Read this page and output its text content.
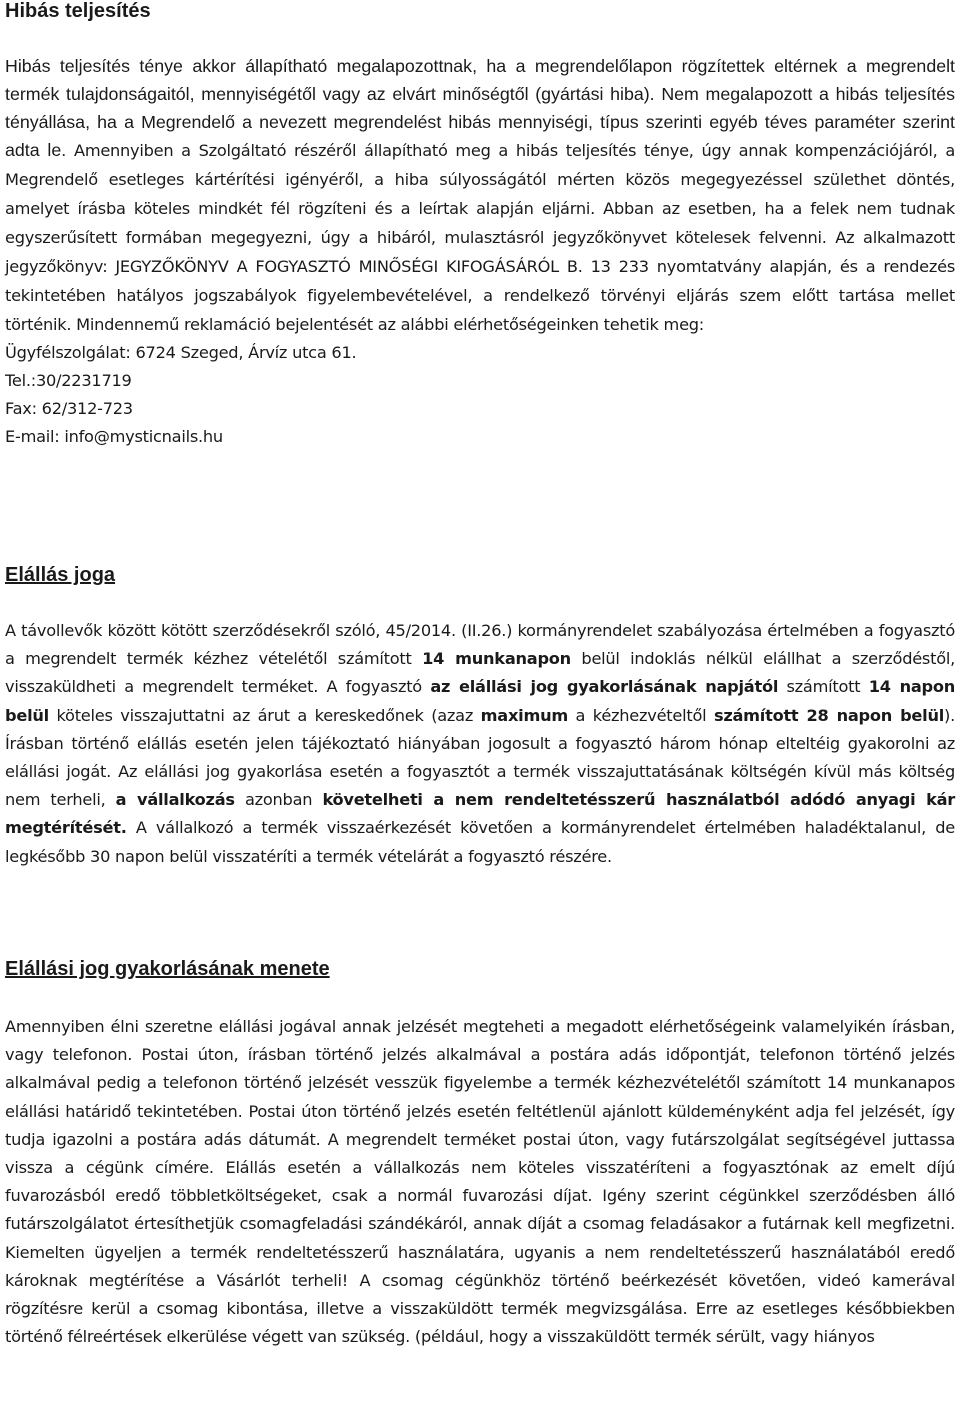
Hibás teljesítés

Hibás teljesítés ténye akkor állapítható megalapozottnak, ha a megrendelőlapon rögzítettek eltérnek a megrendelt termék tulajdonságaitól, mennyiségétől vagy az elvárt minőségtől (gyártási hiba). Nem megalapozott a hibás teljesítés tényállása, ha a Megrendelő a nevezett megrendelést hibás mennyiségi, típus szerinti egyéb téves paraméter szerint adta le. Amennyiben a Szolgáltató részéről állapítható meg a hibás teljesítés ténye, úgy annak kompenzációjáról, a Megrendelő esetleges kártérítési igényéről, a hiba súlyosságától mérten közös megegyezéssel születhet döntés, amelyet írásba köteles mindkét fél rögzíteni és a leírtak alapján eljárni. Abban az esetben, ha a felek nem tudnak egyszerűsített formában megegyezni, úgy a hibáról, mulasztásról jegyzőkönyvet kötelesek felvenni. Az alkalmazott jegyzőkönyv: JEGYZŐKÖNYV A FOGYASZTÓ MINŐSÉGI KIFOGÁSÁRÓL B. 13 233 nyomtatvány alapján, és a rendezés tekintetében hatályos jogszabályok figyelembevételével, a rendelkező törvényi eljárás szem előtt tartása mellet történik. Mindennemű reklamáció bejelentését az alábbi elérhetőségeinken tehetik meg:

Ügyfélszolgálat: 6724 Szeged, Árvíz utca 61.
Tel.:30/2231719
Fax: 62/312-723
E-mail: info@mysticnails.hu
Elállás joga

A távollevők között kötött szerződésekről szóló, 45/2014. (II.26.) kormányrendelet szabályozása értelmében a fogyasztó a megrendelt termék kézhez vételétől számított 14 munkanapon belül indoklás nélkül elállhat a szerződéstől, visszaküldheti a megrendelt terméket. A fogyasztó az elállási jog gyakorlásának napjától számított 14 napon belül köteles visszajuttatni az árut a kereskedőnek (azaz maximum a kézhezvételtől számított 28 napon belül). Írásban történő elállás esetén jelen tájékoztató hiányában jogosult a fogyasztó három hónap elteltéig gyakorolni az elállási jogát. Az elállási jog gyakorlása esetén a fogyasztót a termék visszajuttatásának költségén kívül más költség nem terheli, a vállalkozás azonban követelheti a nem rendeltetésszerű használatból adódó anyagi kár megtérítését. A vállalkozó a termék visszaérkezését követően a kormányrendelet értelmében haladéktalanul, de legkésőbb 30 napon belül visszatéríti a termék vételárát a fogyasztó részére.

Elállási jog gyakorlásának menete

Amennyiben élni szeretne elállási jogával annak jelzését megteheti a megadott elérhetőségeink valamelyikén írásban, vagy telefonon. Postai úton, írásban történő jelzés alkalmával a postára adás időpontját, telefonon történő jelzés alkalmával pedig a telefonon történő jelzését vesszük figyelembe a termék kézhezvételétől számított 14 munkanapos elállási határidő tekintetében. Postai úton történő jelzés esetén feltétlenül ajánlott küldeményként adja fel jelzését, így tudja igazolni a postára adás dátumát. A megrendelt terméket postai úton, vagy futárszolgálat segítségével juttassa vissza a cégünk címére. Elállás esetén a vállalkozás nem köteles visszatéríteni a fogyasztónak az emelt díjú fuvarozásból eredő többletköltségeket, csak a normál fuvarozási díjat. Igény szerint cégünkkel szerződésben álló futárszolgálatot értesíthetjük csomagfeladási szándékáról, annak díját a csomag feladásakor a futárnak kell megfizetni. Kiemelten ügyeljen a termék rendeltetésszerű használatára, ugyanis a nem rendeltetésszerű használatából eredő károknak megtérítése a Vásárlót terheli! A csomag cégünkhöz történő beérkezését követően, videó kamerával rögzítésre kerül a csomag kibontása, illetve a visszaküldött termék megvizsgálása. Erre az esetleges későbbiekben történő félreértések elkerülése végett van szükség. (például, hogy a visszaküldött termék sérült, vagy hiányos
